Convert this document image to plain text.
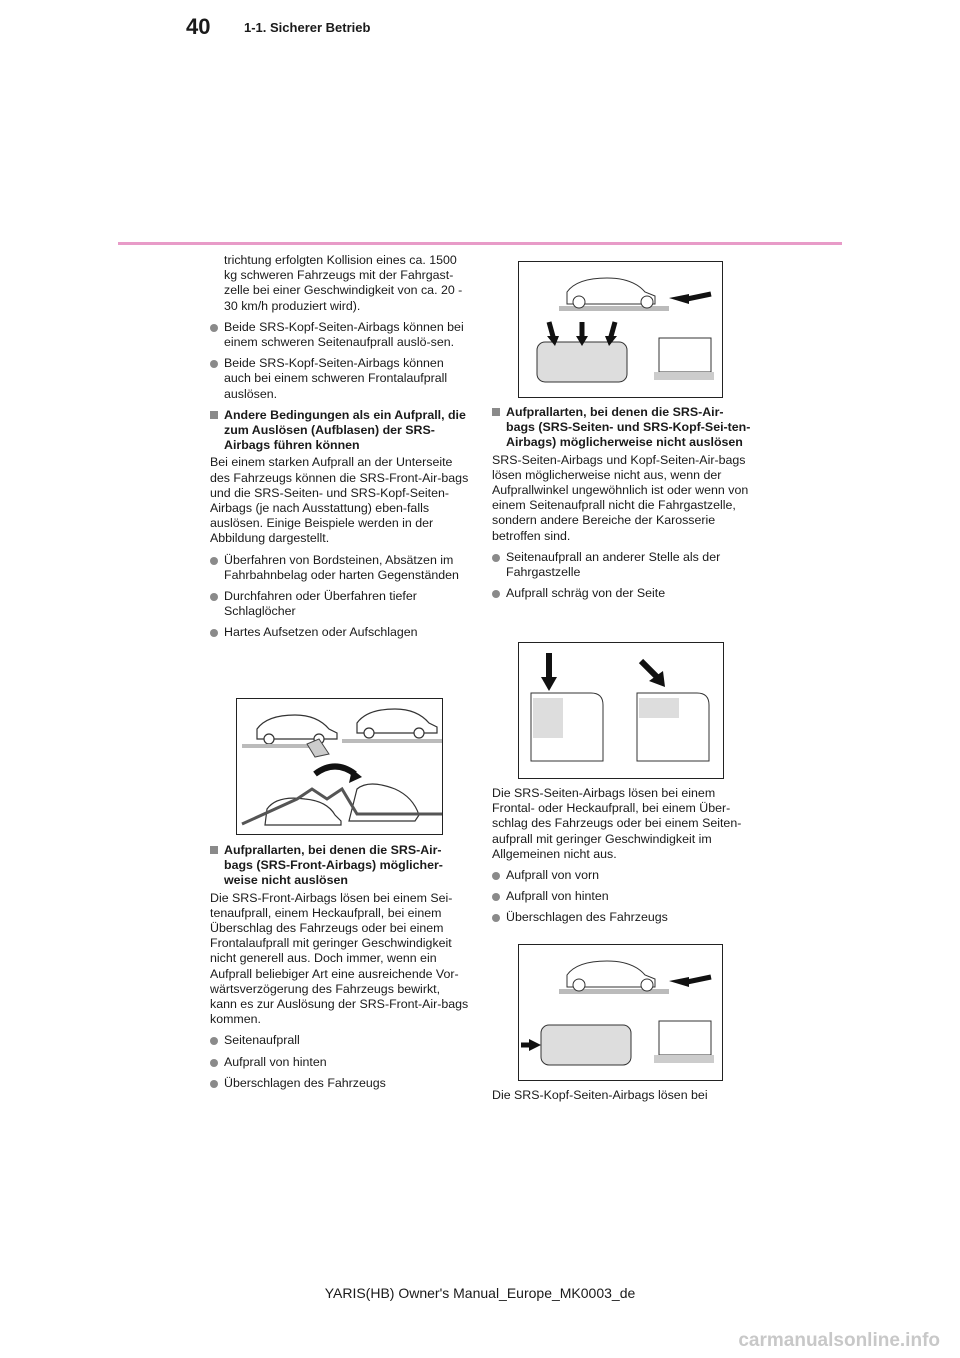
40	1-1. Sicherer Betrieb

trichtung erfolgten Kollision eines ca. 1500 kg schweren Fahrzeugs mit der Fahrgast-zelle bei einer Geschwindigkeit von ca. 20 - 30 km/h produziert wird).

Beide SRS-Kopf-Seiten-Airbags können bei einem schweren Seitenaufprall auslö-sen.
Beide SRS-Kopf-Seiten-Airbags können auch bei einem schweren Frontalaufprall auslösen.
Andere Bedingungen als ein Aufprall, die zum Auslösen (Aufblasen) der SRS-Airbags führen können

Bei einem starken Aufprall an der Unterseite des Fahrzeugs können die SRS-Front-Air-bags und die SRS-Seiten- und SRS-Kopf-Seiten-Airbags (je nach Ausstattung) eben-falls auslösen. Einige Beispiele werden in der Abbildung dargestellt.

Überfahren von Bordsteinen, Absätzen im Fahrbahnbelag oder harten Gegenständen
Durchfahren oder Überfahren tiefer Schlaglöcher
Hartes Aufsetzen oder Aufschlagen
Aufprallarten, bei denen die SRS-Air-bags (SRS-Front-Airbags) möglicher-weise nicht auslösen

Die SRS-Front-Airbags lösen bei einem Sei-tenaufprall, einem Heckaufprall, bei einem Überschlag des Fahrzeugs oder bei einem Frontalaufprall mit geringer Geschwindigkeit nicht generell aus. Doch immer, wenn ein Aufprall beliebiger Art eine ausreichende Vor-wärtsverzögerung des Fahrzeugs bewirkt, kann es zur Auslösung der SRS-Front-Air-bags kommen.

Seitenaufprall
Aufprall von hinten
Überschlagen des Fahrzeugs
Aufprallarten, bei denen die SRS-Air-bags (SRS-Seiten- und SRS-Kopf-Sei-ten-Airbags) möglicherweise nicht auslösen

SRS-Seiten-Airbags und Kopf-Seiten-Air-bags lösen möglicherweise nicht aus, wenn der Aufprallwinkel ungewöhnlich ist oder wenn von einem Seitenaufprall nicht die Fahrgastzelle, sondern andere Bereiche der Karosserie betroffen sind.

Seitenaufprall an anderer Stelle als der Fahrgastzelle
Aufprall schräg von der Seite

Die SRS-Seiten-Airbags lösen bei einem Frontal- oder Heckaufprall, bei einem Über-schlag des Fahrzeugs oder bei einem Seiten-aufprall mit geringer Geschwindigkeit im Allgemeinen nicht aus.

Aufprall von vorn
Aufprall von hinten
Überschlagen des Fahrzeugs

Die SRS-Kopf-Seiten-Airbags lösen bei

YARIS(HB) Owner's Manual_Europe_MK0003_de
carmanualsonline.info
